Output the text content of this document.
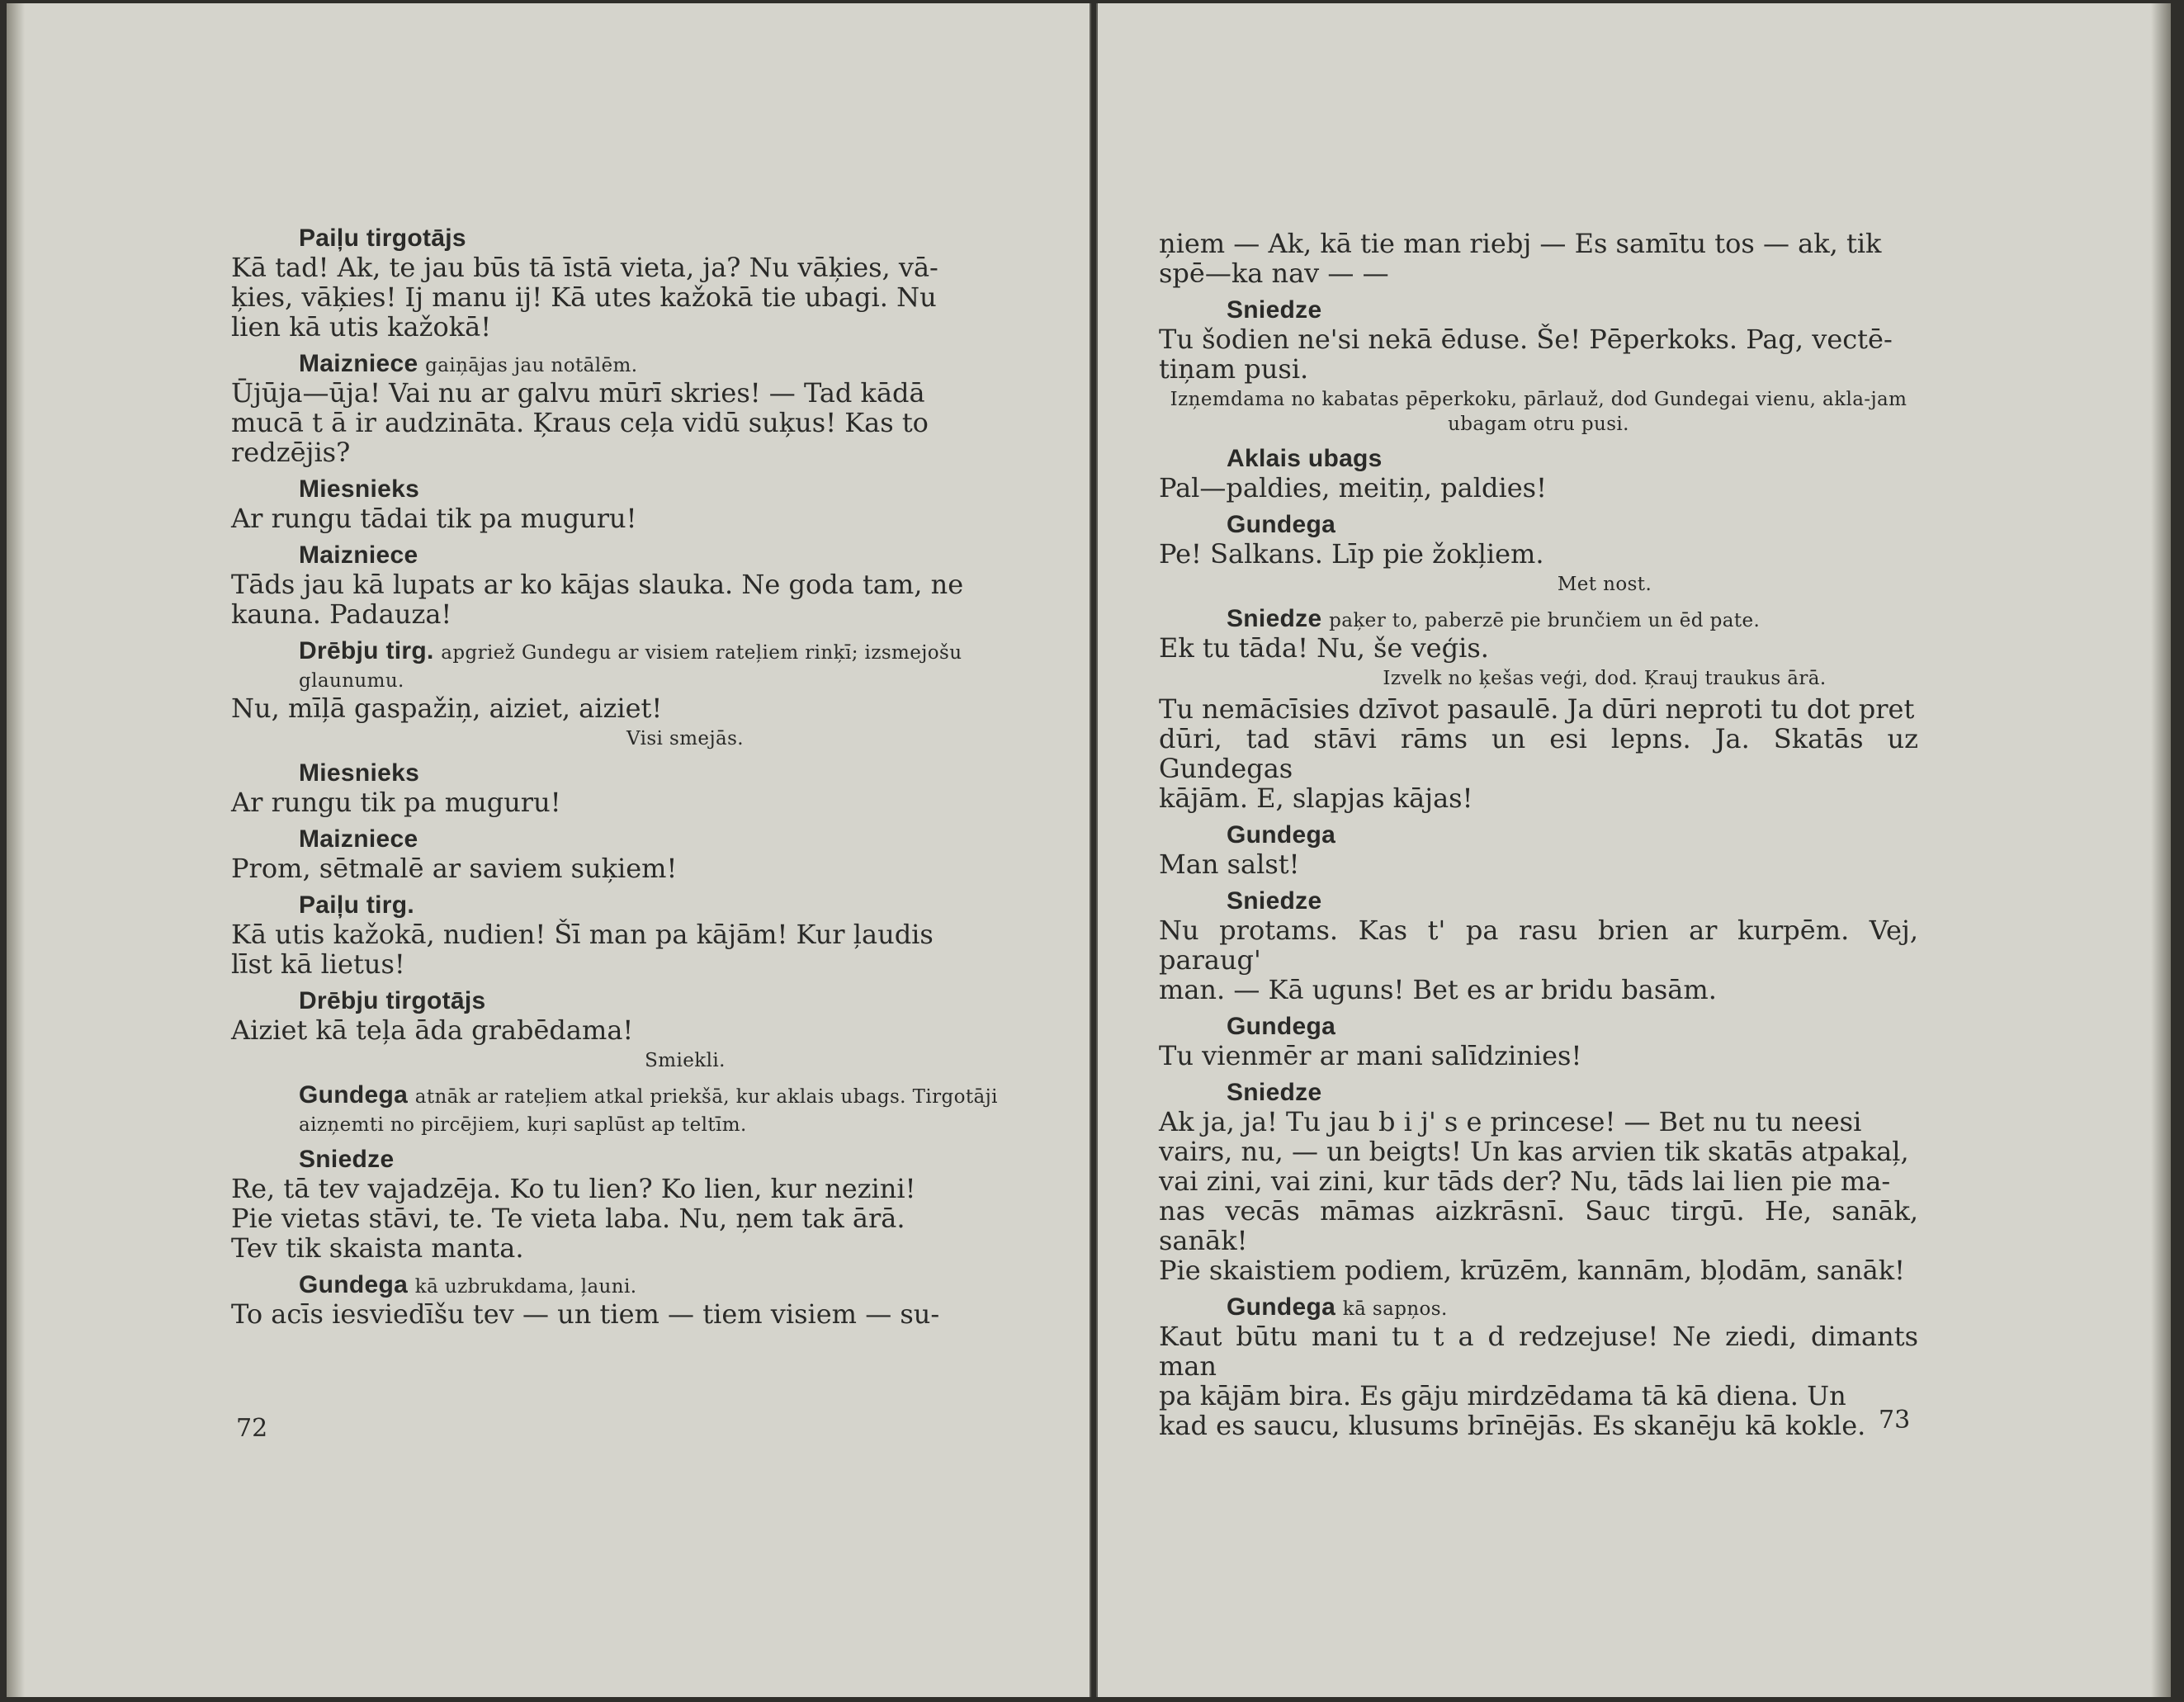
Paiļu tirgotājs

Kā tad! Ak, te jau būs tā īstā vieta, ja? Nu vāķies, vā-

ķies, vāķies! Ij manu ij! Kā utes kažokā tie ubagi. Nu

lien kā utis kažokā!

Maizniece gaiņājas jau notālēm.

Ūjūja—ūja! Vai nu ar galvu mūrī skries! — Tad kādā

mucā t ā ir audzināta. Ķraus ceļa vidū suķus! Kas to

redzējis?

Miesnieks

Ar rungu tādai tik pa muguru!

Maizniece

Tāds jau kā lupats ar ko kājas slauka. Ne goda tam, ne

kauna. Padauza!

Drēbju tirg. apgriež Gundegu ar visiem rateļiem rinķī; izsmejošu glaunumu.

Nu, mīļā gaspažiņ, aiziet, aiziet!

Visi smejās.
Miesnieks

Ar rungu tik pa muguru!

Maizniece

Prom, sētmalē ar saviem suķiem!

Paiļu tirg.

Kā utis kažokā, nudien! Šī man pa kājām! Kur ļaudis

līst kā lietus!

Drēbju tirgotājs

Aiziet kā teļa āda grabēdama!

Smiekli.
Gundega atnāk ar rateļiem atkal priekšā, kur aklais ubags. Tirgotāji aizņemti no pircējiem, kuŗi saplūst ap teltīm.
Sniedze

Re, tā tev vajadzēja. Ko tu lien? Ko lien, kur nezini!

Pie vietas stāvi, te. Te vieta laba. Nu, ņem tak ārā.

Tev tik skaista manta.

Gundega kā uzbrukdama, ļauni.

To acīs iesviedīšu tev — un tiem — tiem visiem — su-

72

ņiem — Ak, kā tie man riebj — Es samītu tos — ak, tik

spē—ka nav — —

Sniedze

Tu šodien ne'si nekā ēduse. Še! Pēperkoks. Pag, vectē-

tiņam pusi.

Izņemdama no kabatas pēperkoku, pārlauž, dod Gundegai vienu, akla-jam ubagam otru pusi.
Aklais ubags

Pal—paldies, meitiņ, paldies!

Gundega

Pe! Salkans. Līp pie žokļiem.

Met nost.
Sniedze paķer to, paberzē pie brunčiem un ēd pate.

Ek tu tāda! Nu, še veģis.

Izvelk no ķešas veģi, dod. Ķrauj traukus ārā.

Tu nemācīsies dzīvot pasaulē. Ja dūri neproti tu dot pret

dūri, tad stāvi rāms un esi lepns. Ja. Skatās uz Gundegas

kājām. E, slapjas kājas!

Gundega

Man salst!

Sniedze

Nu protams. Kas t' pa rasu brien ar kurpēm. Vej, paraug'

man. — Kā uguns! Bet es ar bridu basām.

Gundega

Tu vienmēr ar mani salīdzinies!

Sniedze

Ak ja, ja! Tu jau b i j' s e princese! — Bet nu tu neesi

vairs, nu, — un beigts! Un kas arvien tik skatās atpakaļ,

vai zini, vai zini, kur tāds der? Nu, tāds lai lien pie ma-

nas vecās māmas aizkrāsnī. Sauc tirgū. He, sanāk, sanāk!

Pie skaistiem podiem, krūzēm, kannām, bļodām, sanāk!

Gundega kā sapņos.

Kaut būtu mani tu t a d redzejuse! Ne ziedi, dimants man

pa kājām bira. Es gāju mirdzēdama tā kā diena. Un

kad es saucu, klusums brīnējās. Es skanēju kā kokle. 73
